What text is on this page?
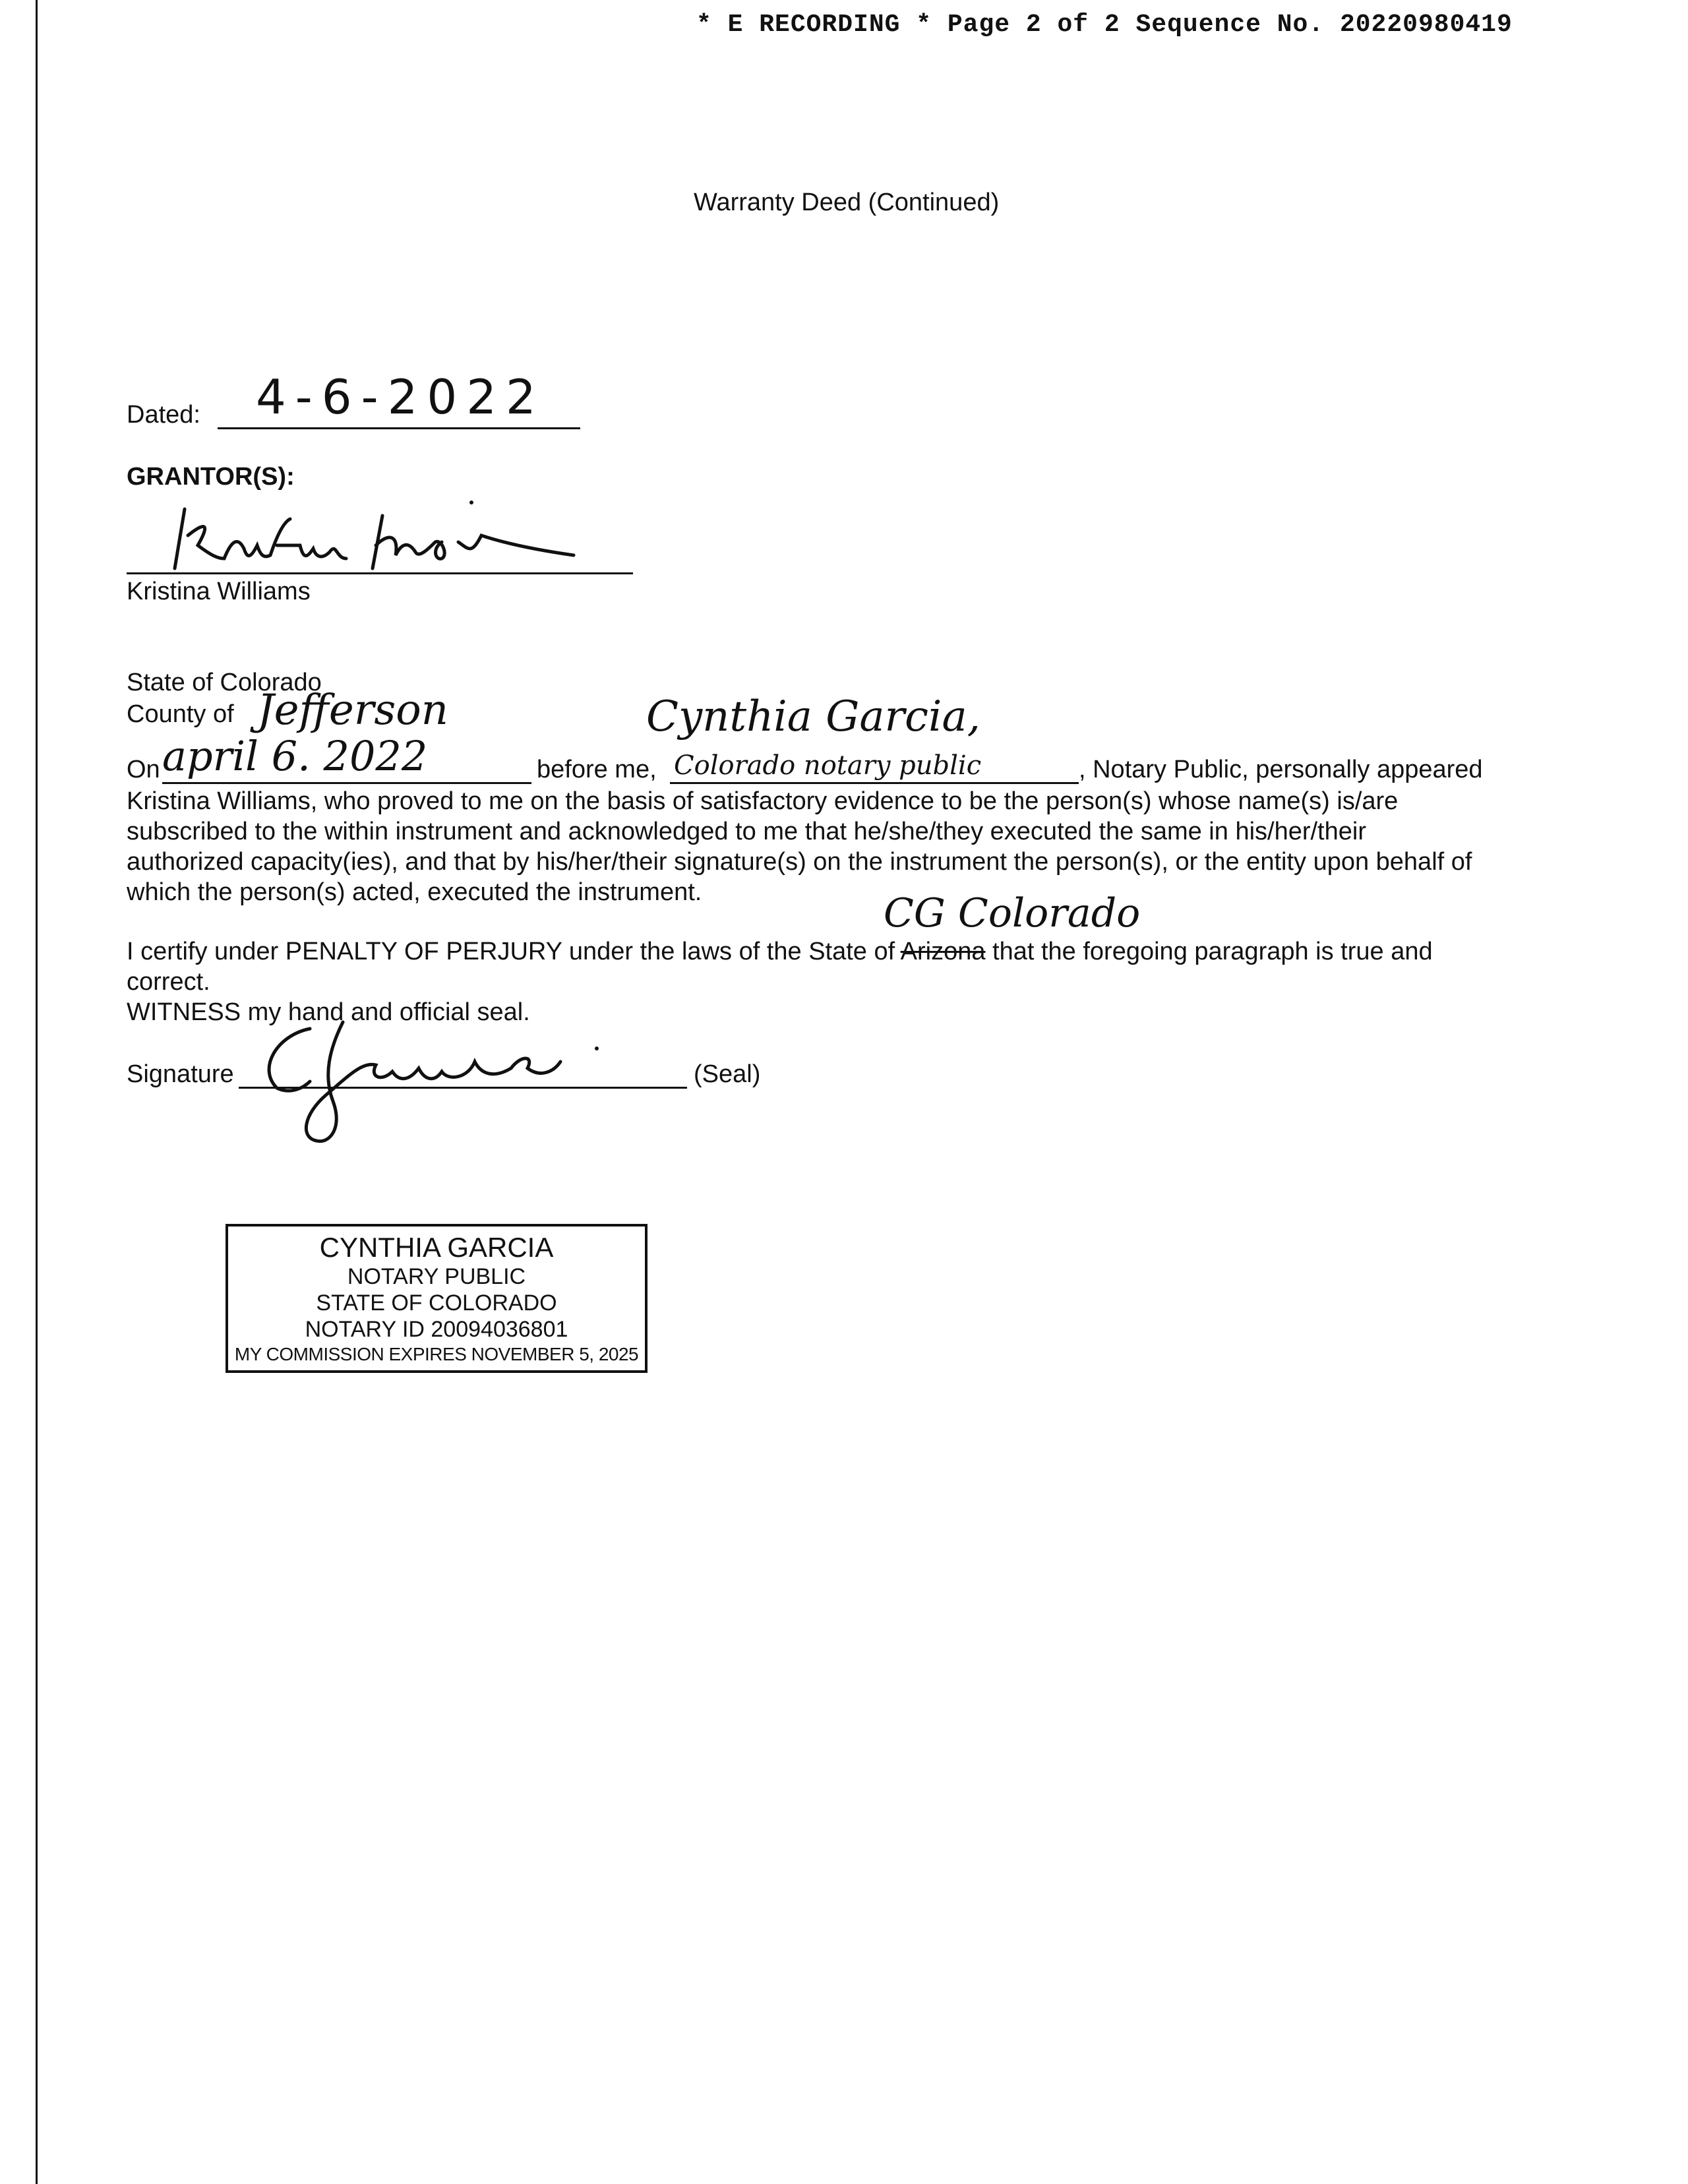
* E RECORDING * Page 2 of 2 Sequence No. 20220980419
Warranty Deed (Continued)
Dated: 4-6-2022
GRANTOR(S):
Kristina Williams
State of Colorado
County of Jefferson	Cynthia Garcia,
On april 6. 2022	before me, Colorado notary public	, Notary Public, personally appeared
Kristina Williams, who proved to me on the basis of satisfactory evidence to be the person(s) whose name(s) is/are
subscribed to the within instrument and acknowledged to me that he/she/they executed the same in his/her/their
authorized capacity(ies), and that by his/her/their signature(s) on the instrument the person(s), or the entity upon behalf of
which the person(s) acted, executed the instrument.	CG Colorado
I certify under PENALTY OF PERJURY under the laws of the State of Arizona that the foregoing paragraph is true and
correct.
WITNESS my hand and official seal.
Signature	(Seal)
CYNTHIA GARCIA
NOTARY PUBLIC
STATE OF COLORADO
NOTARY ID 20094036801
MY COMMISSION EXPIRES NOVEMBER 5, 2025
